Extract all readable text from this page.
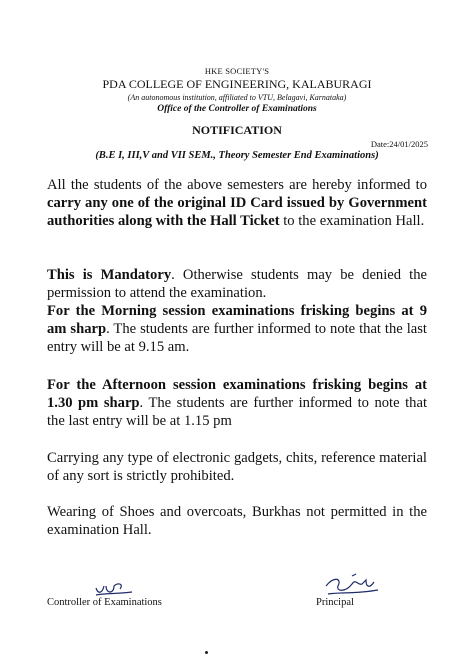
HKE SOCIETY'S
PDA COLLEGE OF ENGINEERING, KALABURAGI
(An autonomous institution, affiliated to VTU, Belagavi, Karnataka)
Office of the Controller of Examinations
NOTIFICATION
Date:24/01/2025
(B.E I, III,V and VII SEM., Theory Semester End Examinations)
All the students of the above semesters are hereby informed to carry any one of the original ID Card issued by Government authorities along with the Hall Ticket to the examination Hall.
This is Mandatory. Otherwise students may be denied the permission to attend the examination.
For the Morning session examinations frisking begins at 9 am sharp. The students are further informed to note that the last entry will be at 9.15 am.
For the Afternoon session examinations frisking begins at 1.30 pm sharp. The students are further informed to note that the last entry will be at 1.15 pm
Carrying any type of electronic gadgets, chits, reference material of any sort is strictly prohibited.
Wearing of Shoes and overcoats, Burkhas not permitted in the examination Hall.
Controller of Examinations	Principal
